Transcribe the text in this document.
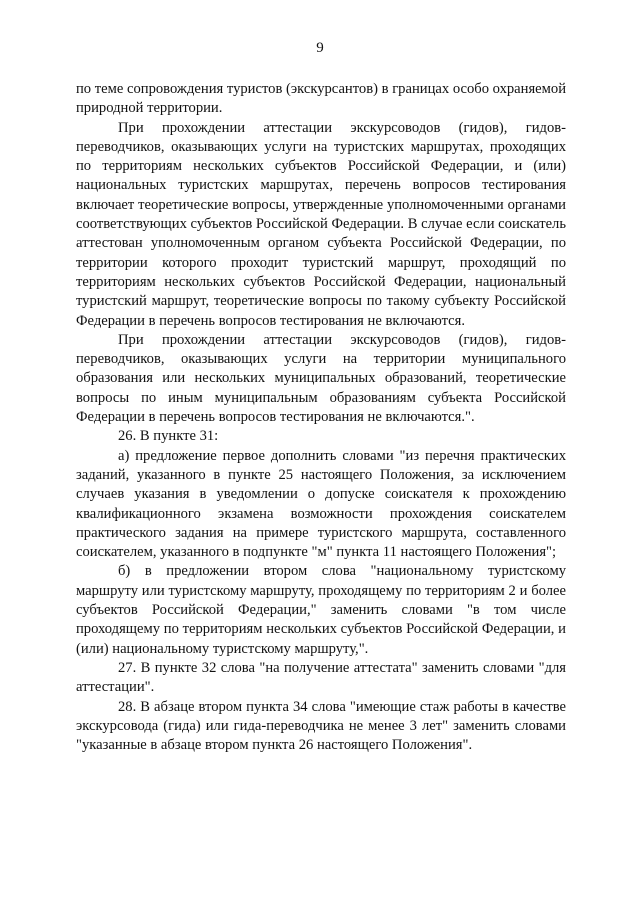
9

по теме сопровождения туристов (экскурсантов) в границах особо охраняемой природной территории.

При прохождении аттестации экскурсоводов (гидов), гидов-переводчиков, оказывающих услуги на туристских маршрутах, проходящих по территориям нескольких субъектов Российской Федерации, и (или) национальных туристских маршрутах, перечень вопросов тестирования включает теоретические вопросы, утвержденные уполномоченными органами соответствующих субъектов Российской Федерации. В случае если соискатель аттестован уполномоченным органом субъекта Российской Федерации, по территории которого проходит туристский маршрут, проходящий по территориям нескольких субъектов Российской Федерации, национальный туристский маршрут, теоретические вопросы по такому субъекту Российской Федерации в перечень вопросов тестирования не включаются.

При прохождении аттестации экскурсоводов (гидов), гидов-переводчиков, оказывающих услуги на территории муниципального образования или нескольких муниципальных образований, теоретические вопросы по иным муниципальным образованиям субъекта Российской Федерации в перечень вопросов тестирования не включаются.".

26. В пункте 31:

а) предложение первое дополнить словами "из перечня практических заданий, указанного в пункте 25 настоящего Положения, за исключением случаев указания в уведомлении о допуске соискателя к прохождению квалификационного экзамена возможности прохождения соискателем практического задания на примере туристского маршрута, составленного соискателем, указанного в подпункте "м" пункта 11 настоящего Положения";

б) в предложении втором слова "национальному туристскому маршруту или туристскому маршруту, проходящему по территориям 2 и более субъектов Российской Федерации," заменить словами "в том числе проходящему по территориям нескольких субъектов Российской Федерации, и (или) национальному туристскому маршруту,".

27. В пункте 32 слова "на получение аттестата" заменить словами "для аттестации".

28. В абзаце втором пункта 34 слова "имеющие стаж работы в качестве экскурсовода (гида) или гида-переводчика не менее 3 лет" заменить словами "указанные в абзаце втором пункта 26 настоящего Положения".
